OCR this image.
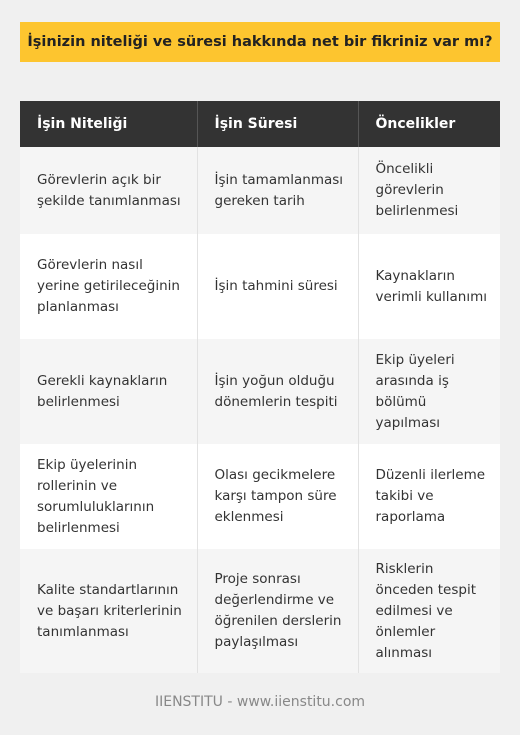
İşinizin niteliği ve süresi hakkında net bir fikriniz var mı?
İşin Niteliği	İşin Süresi	Öncelikler
Görevlerin açık bir şekilde tanımlanması	İşin tamamlanması gereken tarih	Öncelikli görevlerin belirlenmesi
Görevlerin nasıl yerine getirileceğinin planlanması	İşin tahmini süresi	Kaynakların verimli kullanımı
Gerekli kaynakların belirlenmesi	İşin yoğun olduğu dönemlerin tespiti	Ekip üyeleri arasında iş bölümü yapılması
Ekip üyelerinin rollerinin ve sorumluluklarının belirlenmesi	Olası gecikmelere karşı tampon süre eklenmesi	Düzenli ilerleme takibi ve raporlama
Kalite standartlarının ve başarı kriterlerinin tanımlanması	Proje sonrası değerlendirme ve öğrenilen derslerin paylaşılması	Risklerin önceden tespit edilmesi ve önlemler alınması
IIENSTITU - www.iienstitu.com
